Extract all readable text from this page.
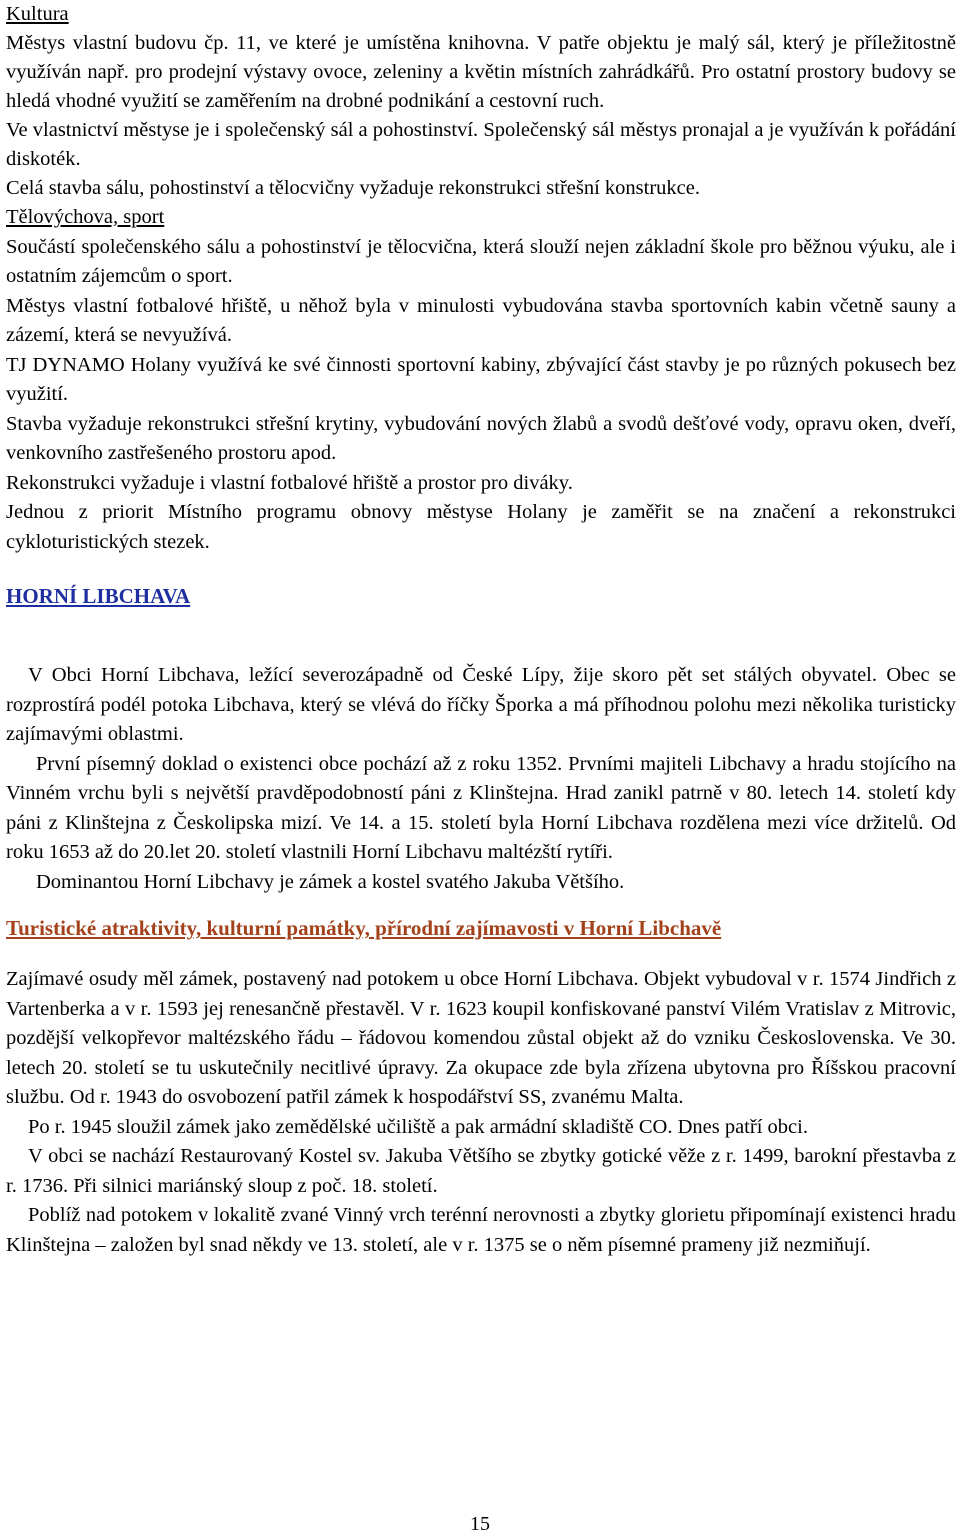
Kultura

Městys vlastní budovu čp. 11, ve které je umístěna knihovna. V patře objektu je malý sál, který je příležitostně využíván např. pro prodejní výstavy ovoce, zeleniny a květin místních zahrádkářů. Pro ostatní prostory budovy se hledá vhodné využití se zaměřením na drobné podnikání a cestovní ruch.

Ve vlastnictví městyse je i společenský sál a pohostinství. Společenský sál městys pronajal a je využíván k pořádání diskoték.

Celá stavba sálu, pohostinství a tělocvičny vyžaduje rekonstrukci střešní konstrukce.

Tělovýchova, sport

Součástí společenského sálu a pohostinství je tělocvična, která slouží nejen základní škole pro běžnou výuku, ale i ostatním zájemcům o sport.

Městys vlastní fotbalové hřiště, u něhož byla v minulosti vybudována stavba sportovních kabin včetně sauny a zázemí, která se nevyužívá.

TJ DYNAMO Holany využívá ke své činnosti sportovní kabiny, zbývající část stavby je po různých pokusech bez využití.

Stavba vyžaduje rekonstrukci střešní krytiny, vybudování nových žlabů a svodů dešťové vody, opravu oken, dveří, venkovního zastřešeného prostoru apod.

Rekonstrukci vyžaduje i vlastní fotbalové hřiště a prostor pro diváky.

Jednou z priorit Místního programu obnovy městyse Holany je zaměřit se na značení a rekonstrukci cykloturistických stezek.

HORNÍ LIBCHAVA

V Obci Horní Libchava, ležící severozápadně od České Lípy, žije skoro pět set stálých obyvatel. Obec se rozprostírá podél potoka Libchava, který se vlévá do říčky Šporka a má příhodnou polohu mezi několika turisticky zajímavými oblastmi.

První písemný doklad o existenci obce pochází až z roku 1352. Prvními majiteli Libchavy a hradu stojícího na Vinném vrchu byli s největší pravděpodobností páni z Klinštejna. Hrad zanikl patrně v 80. letech 14. století kdy páni z Klinštejna z Českolipska mizí. Ve 14. a 15. století byla Horní Libchava rozdělena mezi více držitelů. Od roku 1653 až do 20.let 20. století vlastnili Horní Libchavu maltézští rytíři.

Dominantou Horní Libchavy je zámek a kostel svatého Jakuba Většího.

Turistické atraktivity, kulturní památky, přírodní zajímavosti v Horní Libchavě

Zajímavé osudy měl zámek, postavený nad potokem u obce Horní Libchava. Objekt vybudoval v r. 1574 Jindřich z Vartenberka a v r. 1593 jej renesančně přestavěl. V r. 1623 koupil konfiskované panství Vilém Vratislav z Mitrovic, pozdější velkopřevor maltézského řádu – řádovou komendou zůstal objekt až do vzniku Československa. Ve 30. letech 20. století se tu uskutečnily necitlivé úpravy. Za okupace zde byla zřízena ubytovna pro Říšskou pracovní službu. Od r. 1943 do osvobození patřil zámek k hospodářství SS, zvanému Malta.

Po r. 1945 sloužil zámek jako zemědělské učiliště a pak armádní skladiště CO. Dnes patří obci.

V obci se nachází Restaurovaný Kostel sv. Jakuba Většího se zbytky gotické věže z r. 1499, barokní přestavba z r. 1736. Při silnici mariánský sloup z poč. 18. století.

Poblíž nad potokem v lokalitě zvané Vinný vrch terénní nerovnosti a zbytky glorietu připomínají existenci hradu Klinštejna – založen byl snad někdy ve 13. století, ale v r. 1375 se o něm písemné prameny již nezmiňují.

15
